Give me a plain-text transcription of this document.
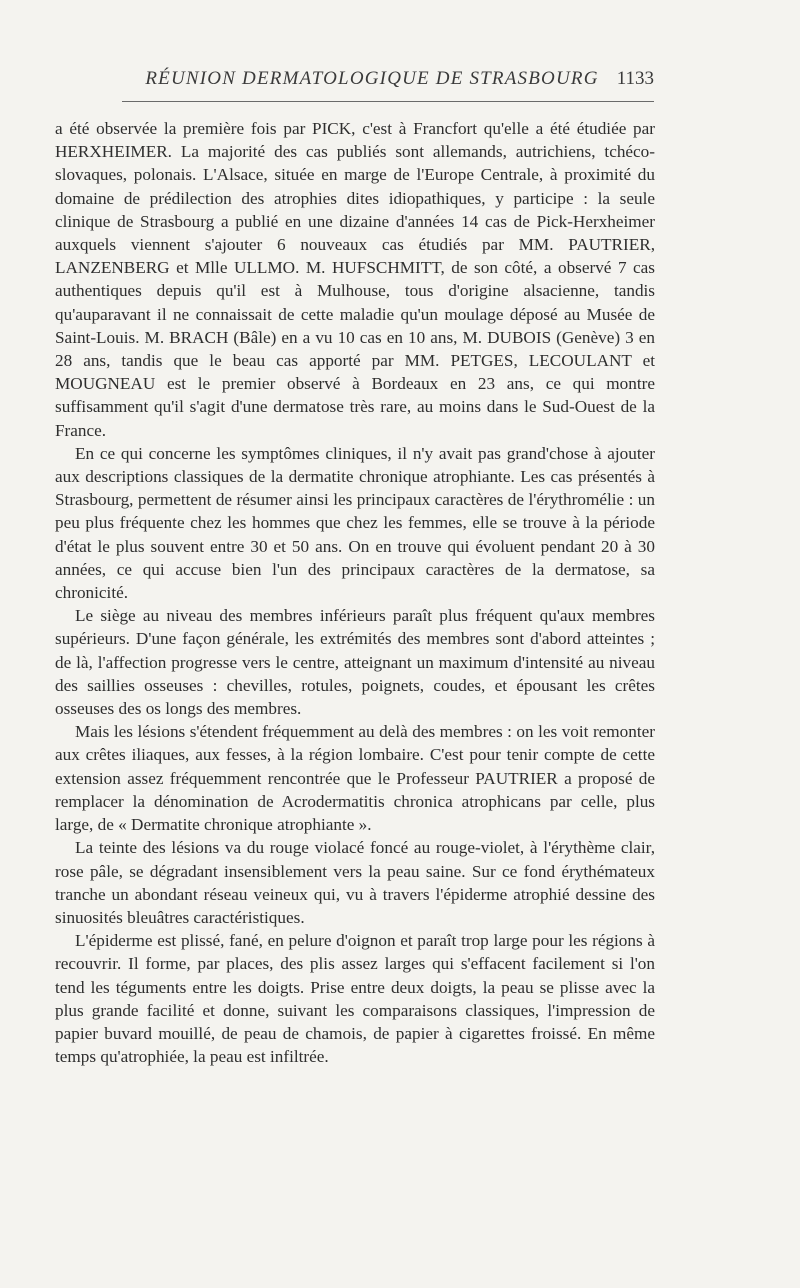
RÉUNION DERMATOLOGIQUE DE STRASBOURG 1133

a été observée la première fois par PICK, c'est à Francfort qu'elle a été étudiée par HERXHEIMER. La majorité des cas publiés sont allemands, autrichiens, tchéco-slovaques, polonais. L'Alsace, située en marge de l'Europe Centrale, à proximité du domaine de prédilection des atrophies dites idiopathiques, y participe : la seule clinique de Strasbourg a publié en une dizaine d'années 14 cas de Pick-Herxheimer auxquels viennent s'ajouter 6 nouveaux cas étudiés par MM. PAUTRIER, LANZENBERG et Mlle ULLMO. M. HUFSCHMITT, de son côté, a observé 7 cas authentiques depuis qu'il est à Mulhouse, tous d'origine alsacienne, tandis qu'auparavant il ne connaissait de cette maladie qu'un moulage déposé au Musée de Saint-Louis. M. BRACH (Bâle) en a vu 10 cas en 10 ans, M. DUBOIS (Genève) 3 en 28 ans, tandis que le beau cas apporté par MM. PETGES, LECOULANT et MOUGNEAU est le premier observé à Bordeaux en 23 ans, ce qui montre suffisamment qu'il s'agit d'une dermatose très rare, au moins dans le Sud-Ouest de la France.

En ce qui concerne les symptômes cliniques, il n'y avait pas grand'chose à ajouter aux descriptions classiques de la dermatite chronique atrophiante. Les cas présentés à Strasbourg, permettent de résumer ainsi les principaux caractères de l'érythromélie : un peu plus fréquente chez les hommes que chez les femmes, elle se trouve à la période d'état le plus souvent entre 30 et 50 ans. On en trouve qui évoluent pendant 20 à 30 années, ce qui accuse bien l'un des principaux caractères de la dermatose, sa chronicité.

Le siège au niveau des membres inférieurs paraît plus fréquent qu'aux membres supérieurs. D'une façon générale, les extrémités des membres sont d'abord atteintes ; de là, l'affection progresse vers le centre, atteignant un maximum d'intensité au niveau des saillies osseuses : chevilles, rotules, poignets, coudes, et épousant les crêtes osseuses des os longs des membres.

Mais les lésions s'étendent fréquemment au delà des membres : on les voit remonter aux crêtes iliaques, aux fesses, à la région lombaire. C'est pour tenir compte de cette extension assez fréquemment rencontrée que le Professeur PAUTRIER a proposé de remplacer la dénomination de Acrodermatitis chronica atrophicans par celle, plus large, de « Dermatite chronique atrophiante ».

La teinte des lésions va du rouge violacé foncé au rouge-violet, à l'érythème clair, rose pâle, se dégradant insensiblement vers la peau saine. Sur ce fond érythémateux tranche un abondant réseau veineux qui, vu à travers l'épiderme atrophié dessine des sinuosités bleuâtres caractéristiques.

L'épiderme est plissé, fané, en pelure d'oignon et paraît trop large pour les régions à recouvrir. Il forme, par places, des plis assez larges qui s'effacent facilement si l'on tend les téguments entre les doigts. Prise entre deux doigts, la peau se plisse avec la plus grande facilité et donne, suivant les comparaisons classiques, l'impression de papier buvard mouillé, de peau de chamois, de papier à cigarettes froissé. En même temps qu'atrophiée, la peau est infiltrée.
